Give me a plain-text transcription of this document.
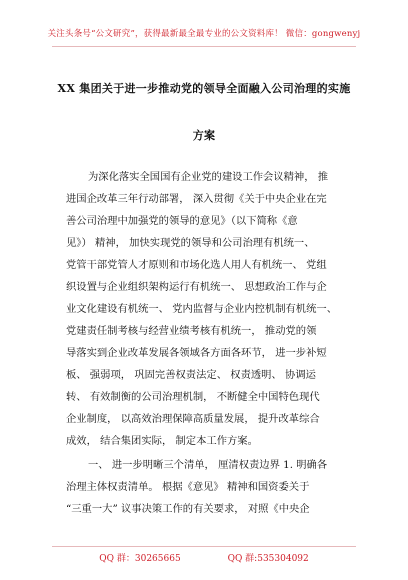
关注头条号“公文研究”，获得最新最全最专业的公文资料库！ 微信：gongwenyj
XX 集团关于进一步推动党的领导全面融入公司治理的实施
方案
为深化落实全国国有企业党的建设工作会议精神， 推
进国企改革三年行动部署， 深入贯彻《关于中央企业在完
善公司治理中加强党的领导的意见》（以下简称《意
见》） 精神， 加快实现党的领导和公司治理有机统一、
党管干部党管人才原则和市场化选人用人有机统一、 党组
织设置与企业组织架构运行有机统一、 思想政治工作与企
业文化建设有机统一、 党内监督与企业内控机制有机统一、
党建责任制考核与经营业绩考核有机统一， 推动党的领
导落实到企业改革发展各领域各方面各环节， 进一步补短
板、 强弱项， 巩固完善权责法定、 权责透明、 协调运
转、 有效制衡的公司治理机制， 不断健全中国特色现代
企业制度， 以高效治理保障高质量发展， 提升改革综合
成效， 结合集团实际， 制定本工作方案。
一、 进一步明晰三个清单， 厘清权责边界 1. 明确各
治理主体权责清单。 根据《意见》 精神和国资委关于
“三重一大” 议事决策工作的有关要求， 对照《中央企
QQ 群：30265665	QQ 群:535304092
